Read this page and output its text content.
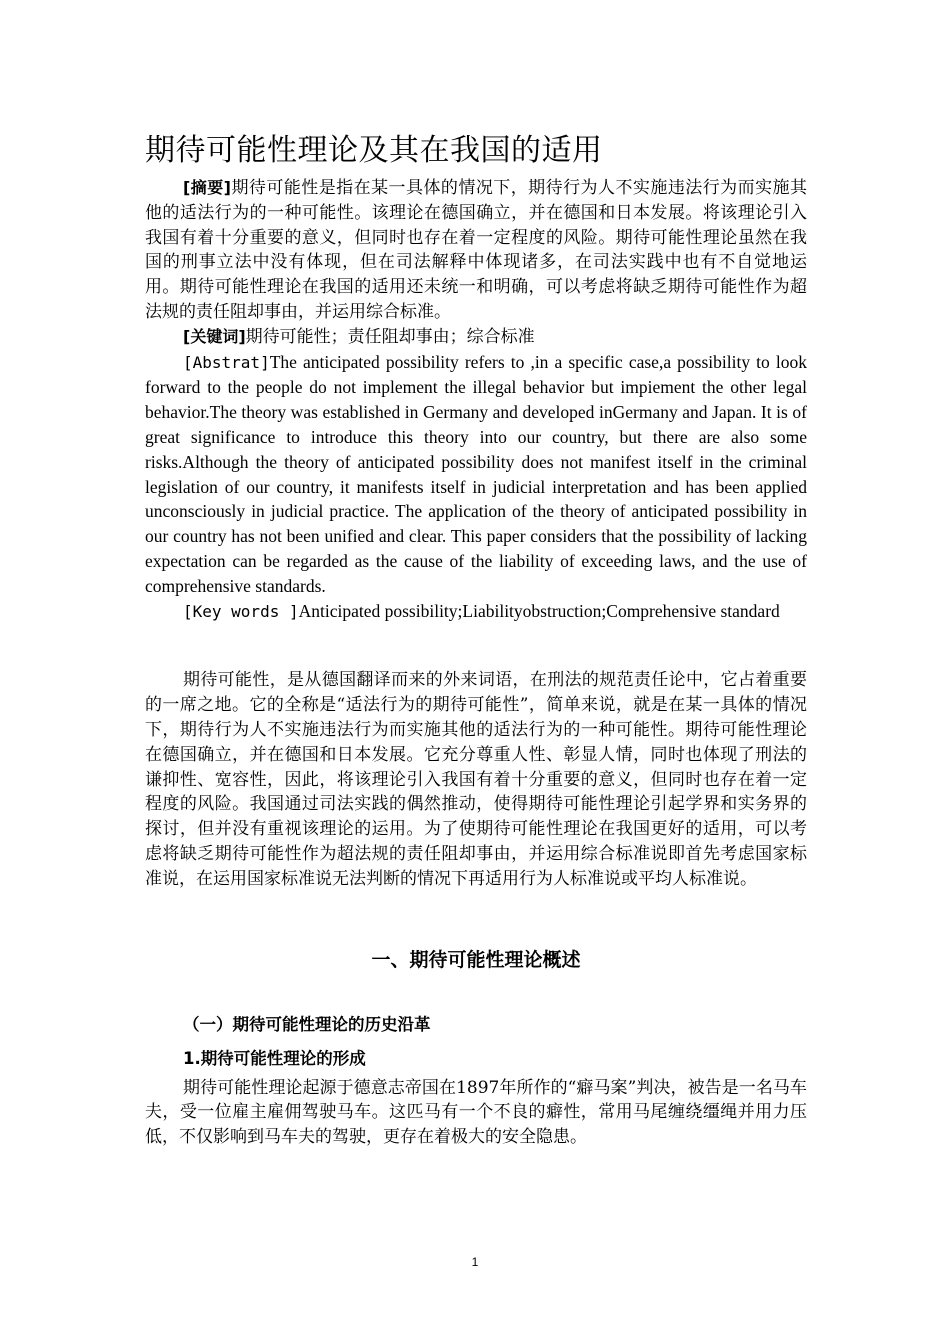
期待可能性理论及其在我国的适用

[摘要]期待可能性是指在某一具体的情况下，期待行为人不实施违法行为而实施其他的适法行为的一种可能性。该理论在德国确立，并在德国和日本发展。将该理论引入我国有着十分重要的意义，但同时也存在着一定程度的风险。期待可能性理论虽然在我国的刑事立法中没有体现，但在司法解释中体现诸多，在司法实践中也有不自觉地运用。期待可能性理论在我国的适用还未统一和明确，可以考虑将缺乏期待可能性作为超法规的责任阻却事由，并运用综合标准。

[关键词]期待可能性；责任阻却事由；综合标准

[Abstrat]The anticipated possibility refers to ,in a specific case,a possibility to look forward to the people do not implement the illegal behavior but impiement the other legal behavior.The theory was established in Germany and developed inGermany and Japan. It is of great significance to introduce this theory into our country, but there are also some risks.Although the theory of anticipated possibility does not manifest itself in the criminal legislation of our country, it manifests itself in judicial interpretation and has been applied unconsciously in judicial practice. The application of the theory of anticipated possibility in our country has not been unified and clear. This paper considers that the possibility of lacking expectation can be regarded as the cause of the liability of exceeding laws, and the use of comprehensive standards.

[Key words ]Anticipated possibility;Liabilityobstruction;Comprehensive standard

期待可能性，是从德国翻译而来的外来词语，在刑法的规范责任论中，它占着重要的一席之地。它的全称是“适法行为的期待可能性”，简单来说，就是在某一具体的情况下，期待行为人不实施违法行为而实施其他的适法行为的一种可能性。期待可能性理论在德国确立，并在德国和日本发展。它充分尊重人性、彰显人情，同时也体现了刑法的谦抑性、宽容性，因此，将该理论引入我国有着十分重要的意义，但同时也存在着一定程度的风险。我国通过司法实践的偶然推动，使得期待可能性理论引起学界和实务界的探讨，但并没有重视该理论的运用。为了使期待可能性理论在我国更好的适用，可以考虑将缺乏期待可能性作为超法规的责任阻却事由，并运用综合标准说即首先考虑国家标准说，在运用国家标准说无法判断的情况下再适用行为人标准说或平均人标准说。

一、期待可能性理论概述
（一）期待可能性理论的历史沿革
1.期待可能性理论的形成

期待可能性理论起源于德意志帝国在1897年所作的“癖马案”判决，被告是一名马车夫，受一位雇主雇佣驾驶马车。这匹马有一个不良的癖性，常用马尾缠绕缰绳并用力压低，不仅影响到马车夫的驾驶，更存在着极大的安全隐患。

1
